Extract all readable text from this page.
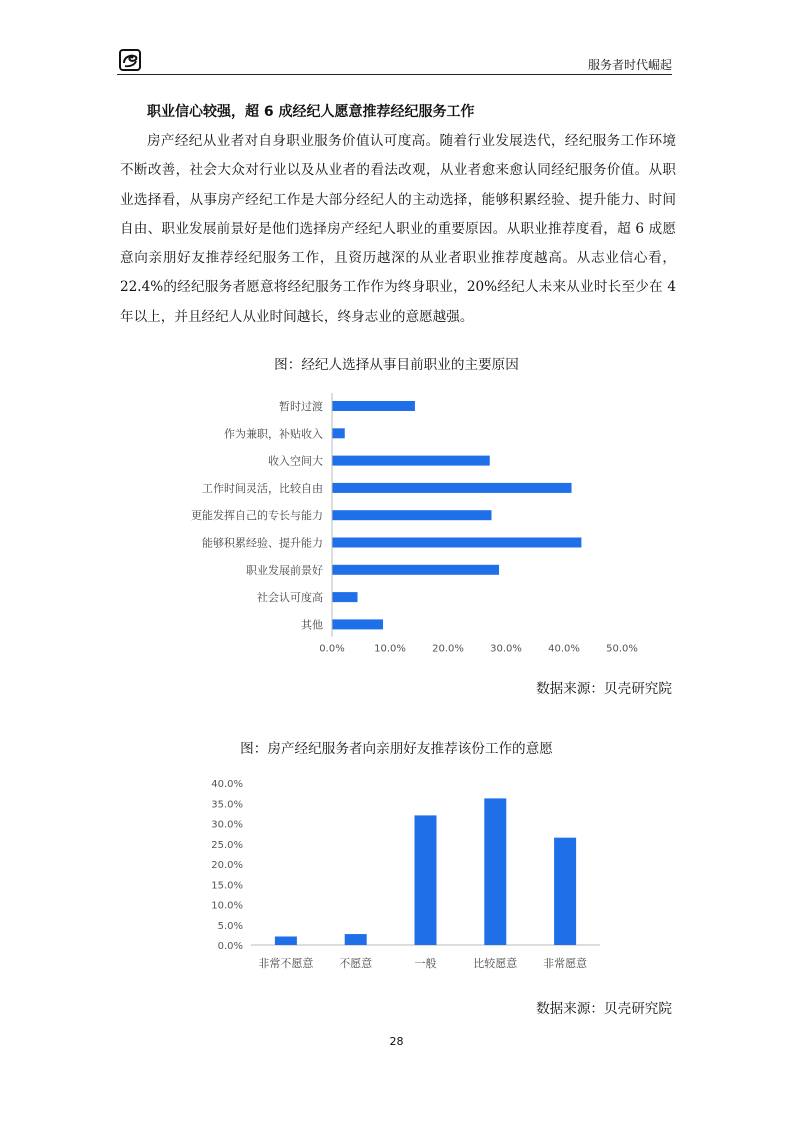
服务者时代崛起
职业信心较强，超 6 成经纪人愿意推荐经纪服务工作

房产经纪从业者对自身职业服务价值认可度高。随着行业发展迭代，经纪服务工作环境不断改善，社会大众对行业以及从业者的看法改观，从业者愈来愈认同经纪服务价值。从职业选择看，从事房产经纪工作是大部分经纪人的主动选择，能够积累经验、提升能力、时间自由、职业发展前景好是他们选择房产经纪人职业的重要原因。从职业推荐度看，超 6 成愿意向亲朋好友推荐经纪服务工作，且资历越深的从业者职业推荐度越高。从志业信心看，22.4%的经纪服务者愿意将经纪服务工作作为终身职业，20%经纪人未来从业时长至少在 4 年以上，并且经纪人从业时间越长，终身志业的意愿越强。

图：经纪人选择从事目前职业的主要原因
暂时过渡
作为兼职，补贴收入
收入空间大
工作时间灵活，比较自由
更能发挥自己的专长与能力
能够积累经验、提升能力
职业发展前景好
社会认可度高
其他
0.0%	10.0%	20.0%	30.0%	40.0%	50.0%
数据来源：贝壳研究院
图：房产经纪服务者向亲朋好友推荐该份工作的意愿
0.0%
5.0%
10.0%
15.0%
20.0%
25.0%
30.0%
35.0%
40.0%
非常不愿意 不愿意	一般	比较愿意 非常愿意
数据来源：贝壳研究院
28
